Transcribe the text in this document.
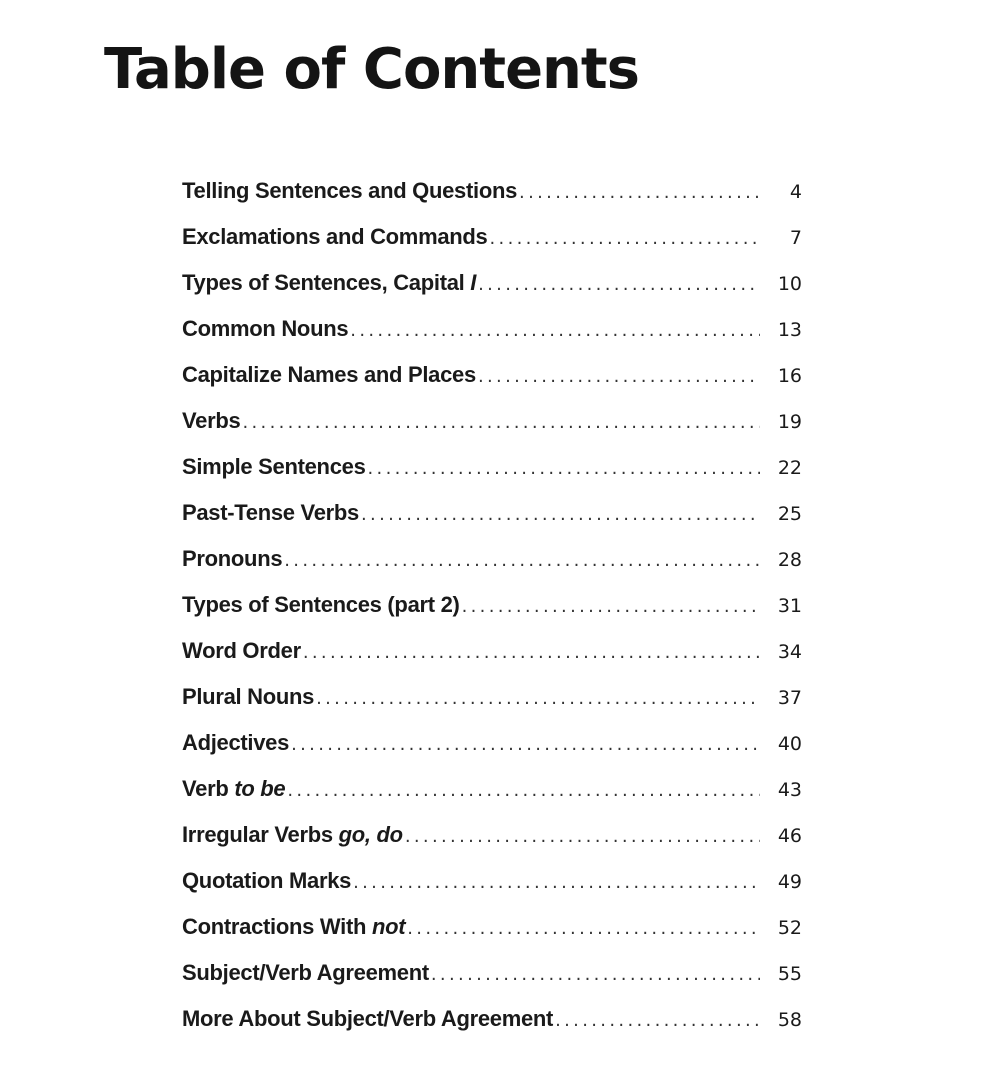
Table of Contents
Telling Sentences and Questions . . .	4
Exclamations and Commands . . .	7
Types of Sentences, Capital I . . .	10
Common Nouns . . .	13
Capitalize Names and Places . . .	16
Verbs . . .	19
Simple Sentences . . .	22
Past-Tense Verbs . . .	25
Pronouns . . .	28
Types of Sentences (part 2) . . .	31
Word Order . . .	34
Plural Nouns . . .	37
Adjectives . . .	40
Verb to be . . .	43
Irregular Verbs go, do . . .	46
Quotation Marks . . .	49
Contractions With not . . .	52
Subject/Verb Agreement . . .	55
More About Subject/Verb Agreement . . .	58
